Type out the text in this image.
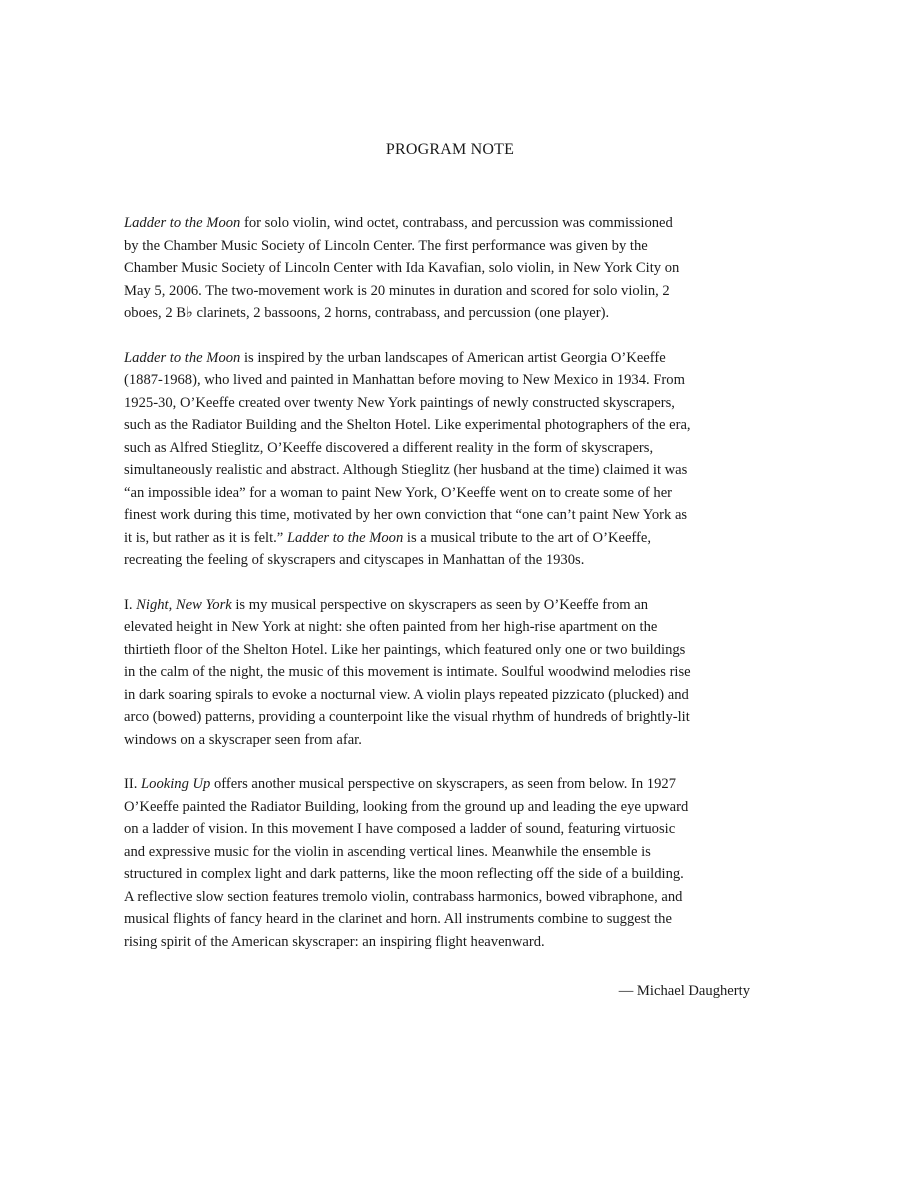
PROGRAM NOTE

Ladder to the Moon for solo violin, wind octet, contrabass, and percussion was commissioned
by the Chamber Music Society of Lincoln Center. The first performance was given by the
Chamber Music Society of Lincoln Center with Ida Kavafian, solo violin, in New York City on
May 5, 2006. The two-movement work is 20 minutes in duration and scored for solo violin, 2
oboes, 2 B♭ clarinets, 2 bassoons, 2 horns, contrabass, and percussion (one player).

Ladder to the Moon is inspired by the urban landscapes of American artist Georgia O’Keeffe
(1887-1968), who lived and painted in Manhattan before moving to New Mexico in 1934. From
1925-30, O’Keeffe created over twenty New York paintings of newly constructed skyscrapers,
such as the Radiator Building and the Shelton Hotel. Like experimental photographers of the era,
such as Alfred Stieglitz, O’Keeffe discovered a different reality in the form of skyscrapers,
simultaneously realistic and abstract. Although Stieglitz (her husband at the time) claimed it was
“an impossible idea” for a woman to paint New York, O’Keeffe went on to create some of her
finest work during this time, motivated by her own conviction that “one can’t paint New York as
it is, but rather as it is felt.” Ladder to the Moon is a musical tribute to the art of O’Keeffe,
recreating the feeling of skyscrapers and cityscapes in Manhattan of the 1930s.

I. Night, New York is my musical perspective on skyscrapers as seen by O’Keeffe from an
elevated height in New York at night: she often painted from her high-rise apartment on the
thirtieth floor of the Shelton Hotel. Like her paintings, which featured only one or two buildings
in the calm of the night, the music of this movement is intimate. Soulful woodwind melodies rise
in dark soaring spirals to evoke a nocturnal view. A violin plays repeated pizzicato (plucked) and
arco (bowed) patterns, providing a counterpoint like the visual rhythm of hundreds of brightly-lit
windows on a skyscraper seen from afar.

II. Looking Up offers another musical perspective on skyscrapers, as seen from below. In 1927
O’Keeffe painted the Radiator Building, looking from the ground up and leading the eye upward
on a ladder of vision. In this movement I have composed a ladder of sound, featuring virtuosic
and expressive music for the violin in ascending vertical lines. Meanwhile the ensemble is
structured in complex light and dark patterns, like the moon reflecting off the side of a building.
A reflective slow section features tremolo violin, contrabass harmonics, bowed vibraphone, and
musical flights of fancy heard in the clarinet and horn. All instruments combine to suggest the
rising spirit of the American skyscraper: an inspiring flight heavenward.

— Michael Daugherty
